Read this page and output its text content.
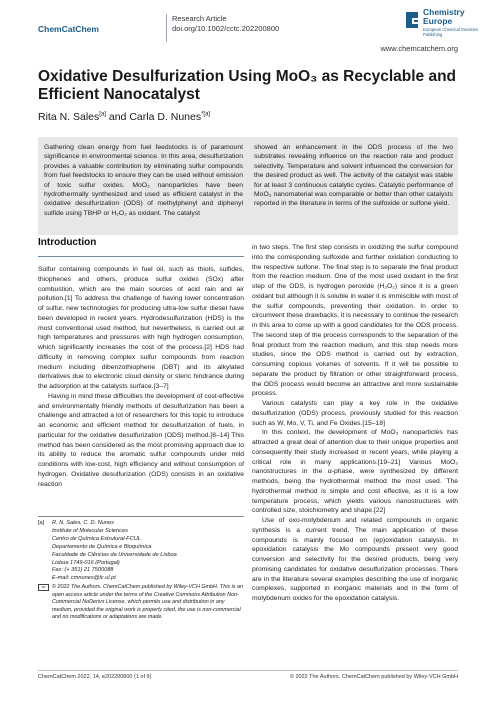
ChemCatChem
Research Article
doi.org/10.1002/cctc.202200800
Chemistry
Europe
European Chemical Societies Publishing
www.chemcatchem.org
Oxidative Desulfurization Using MoO₃ as Recyclable and Efficient Nanocatalyst
Rita N. Sales[a] and Carla D. Nunes$^{*[a]}$

Gathering clean energy from fuel feedstocks is of paramount significance in environmental science. In this area, desulfurization provides a valuable contribution by eliminating sulfur compounds from fuel feedstocks to ensure they can be used without emission of toxic sulfur oxides. MoO₃ nanoparticles have been hydrothermally synthesized and used as efficient catalyst in the oxidative desulfurization (ODS) of methylphenyl and diphenyl sulfide using TBHP or H₂O₂ as oxidant. The catalyst

showed an enhancement in the ODS process of the two substrates revealing influence on the reaction rate and product selectivity. Temperature and solvent influenced the conversion for the desired product as well. The activity of the catalyst was stable for at least 3 continuous catalytic cycles. Catalytic performance of MoO₃ nanomaterial was comparable or better than other catalysts reported in the literature in terms of the sulfoxide or sulfone yield.

Introduction

Sulfur containing compounds in fuel oil, such as thiols, sulfides, thiophenes and others, produce sulfur oxides (SOx) after combustion, which are the main sources of acid rain and air pollution.[1] To address the challenge of having lower concentration of sulfur, new technologies for producing ultra-low sulfur diesel have been developed in recent years. Hydrodesulfurization (HDS) is the most conventional used method, but nevertheless, is carried out at high temperatures and pressures with high hydrogen consumption, which significantly increases the cost of the process.[2] HDS had difficulty in removing complex sulfur compounds from reaction medium including dibenzothiophene (DBT) and its alkylated derivatives due to electronic cloud density or steric hindrance during the adsorption at the catalysts surface.[3–7]

Having in mind these difficulties the development of cost-effective and environmentally friendly methods of desulfurization has been a challenge and attracted a lot of researchers for this topic to introduce an economic and efficient method for desulfurization of fuels, in particular for the oxidative desulfurization (ODS) method.[8–14] This method has been considered as the most promising approach due to its ability to reduce the aromatic sulfur compounds under mild conditions with low-cost, high efficiency and without consumption of hydrogen. Oxidative desulfurization (ODS) consists in an oxidative reaction

in two steps. The first step consists in oxidizing the sulfur compound into the corresponding sulfoxide and further oxidation conducting to the respective sulfone. The final step is to separate the final product from the reaction medium. One of the most used oxidant in the first step of the ODS, is hydrogen peroxide (H₂O₂) since it is a green oxidant but although it is soluble in water it is immiscible with most of the sulfur compounds, preventing their oxidation. In order to circumvent these drawbacks, it is necessary to continue the research in this area to come up with a good candidates for the ODS process. The second step of the process corresponds to the separation of the final product from the reaction medium, and this step needs more studies, since the ODS method is carried out by extraction, consuming copious volumes of solvents. If it will be possible to separate the product by filtration or other straightforward process, the ODS process would become an attractive and more sustainable process.

Various catalysts can play a key role in the oxidative desulfurization (ODS) process, previously studied for this reaction such as W, Mo, V, Ti, and Fe Oxides.[15–18]

In this context, the development of MoO₃ nanoparticles has attracted a great deal of attention due to their unique properties and consequently their study increased in recent years, while playing a critical role in many applications.[19–21] Various MoO₃ nanostructures in the α-phase, were synthesized by different methods, being the hydrothermal method the most used. The hydrothermal method is simple and cost effective, as it is a low temperature process, which yields various nanostructures with controlled size, stoichiometry and shape.[22]

Use of oxo-molybdenum and related compounds in organic synthesis is a current trend. The main application of these compounds is mainly focused on (ep)oxidation catalysis. In epoxidation catalysis the Mo compounds present very good conversion and selectivity for the desired products, being very promising candidates for oxidative desulfurization processes. There are in the literature several examples describing the use of inorganic complexes, supported in inorganic materials and in the form of molybdenum oxides for the epoxidation catalysis.

[a]	R. N. Sales, C. D. Nunes
Institute of Molecular Sciences
Centro de Química Estrutural-FCUL
Departamento de Química e Bioquímica
Faculdade de Ciências da Universidade de Lisboa
Lisboa 1749-016 (Portugal)
Fax: (+ 351) 21 7500088
E-mail: cmnunes@fc.ul.pt
cc	© 2022 The Authors. ChemCatChem published by Wiley-VCH GmbH. This is an open access article under the terms of the Creative Commons Attribution Non-Commercial NoDerivs License, which permits use and distribution in any medium, provided the original work is properly cited, the use is non-commercial and no modifications or adaptations are made.
ChemCatChem 2022, 14, e202200800 (1 of 9)	© 2022 The Authors. ChemCatChem published by Wiley-VCH GmbH
